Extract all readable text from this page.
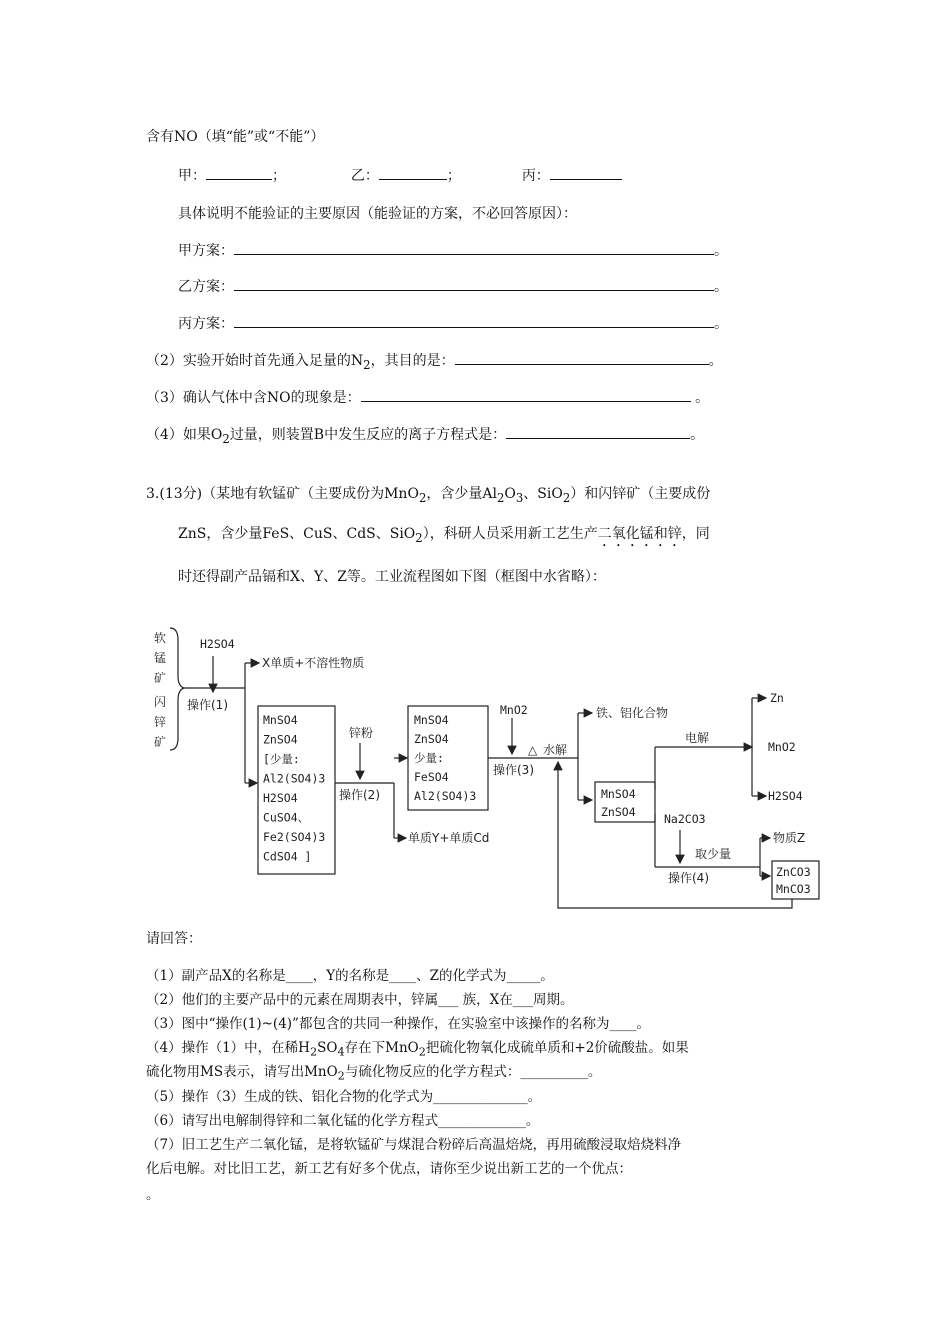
含有NO（填“能”或“不能”）
甲：	；	乙：	；	丙：
具体说明不能验证的主要原因（能验证的方案，不必回答原因）：
甲方案：	。
乙方案：	。
丙方案：	。
（2）实验开始时首先通入足量的$N_2$，其目的是：	。
（3）确认气体中含NO的现象是：	。
（4）如果$O_2$过量，则装置B中发生反应的离子方程式是：	。
3.(13分)（某地有软锰矿（主要成份为MnO$_2$，含少量$Al_2O_3$、SiO$_2$）和闪锌矿（主要成份
ZnS，含少量FeS、CuS、CdS、SiO$_2$），科研人员采用新工艺生产二氧化锰和锌，同
时还得副产品镉和X、Y、Z等。工业流程图如下图（框图中水省略）：
△
软
锰
矿
闪
锌
矿
H2SO4
X单质+不溶性物质
操作(1)
MnSO4
ZnSO4
[少量:
Al2(SO4)3
H2SO4
CuSO4、
Fe2(SO4)3
CdSO4 ]
锌粉
操作(2)
单质Y+单质Cd
MnSO4
ZnSO4
少量:
FeSO4
Al2(SO4)3
MnO2
水解
操作(3)
铁、铝化合物
MnSO4
ZnSO4
电解
Zn
MnO2
H2SO4
Na2CO3
取少量
操作(4)
物质Z
ZnCO3
MnCO3
请回答：
（1）副产品X的名称是____，Y的名称是____、Z的化学式为_____。
（2）他们的主要产品中的元素在周期表中，锌属___ 族，X在___周期。
（3）图中“操作(1)~(4)”都包含的共同一种操作，在实验室中该操作的名称为____。
（4）操作（1）中，在稀$H_2SO_4$存在下MnO$_2$把硫化物氧化成硫单质和+2价硫酸盐。如果
硫化物用MS表示，请写出MnO$_2$与硫化物反应的化学方程式：__________。
（5）操作（3）生成的铁、铝化合物的化学式为______________。
（6）请写出电解制得锌和二氧化锰的化学方程式_____________。
（7）旧工艺生产二氧化锰，是将软锰矿与煤混合粉碎后高温焙烧，再用硫酸浸取焙烧料净
化后电解。对比旧工艺，新工艺有好多个优点，请你至少说出新工艺的一个优点：
。
